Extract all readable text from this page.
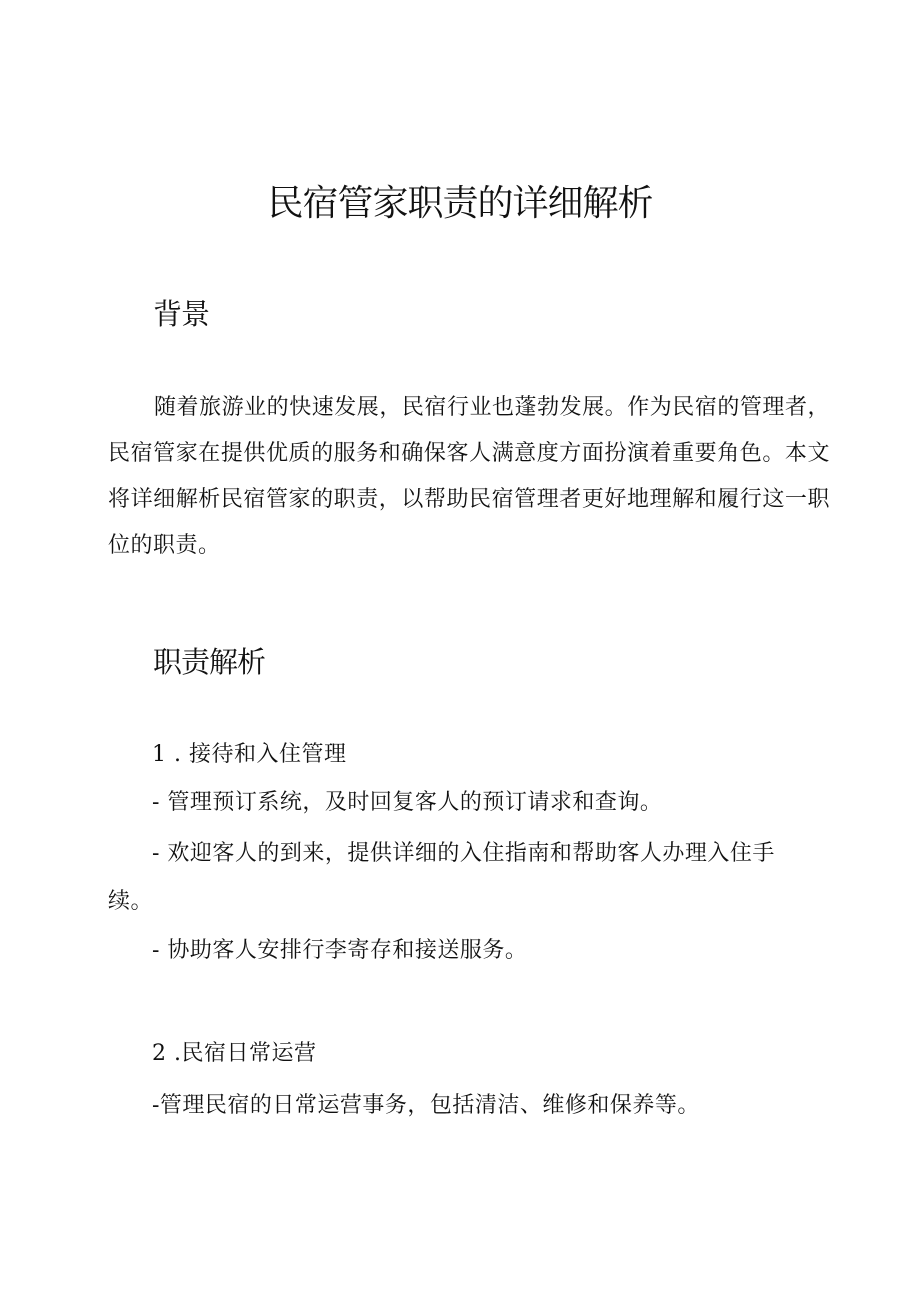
民宿管家职责的详细解析
背景

随着旅游业的快速发展，民宿行业也蓬勃发展。作为民宿的管理者，民宿管家在提供优质的服务和确保客人满意度方面扮演着重要角色。本文将详细解析民宿管家的职责，以帮助民宿管理者更好地理解和履行这一职位的职责。

职责解析

1 . 接待和入住管理

- 管理预订系统，及时回复客人的预订请求和查询。

- 欢迎客人的到来，提供详细的入住指南和帮助客人办理入住手

续。

- 协助客人安排行李寄存和接送服务。

2 .民宿日常运营

-管理民宿的日常运营事务，包括清洁、维修和保养等。
